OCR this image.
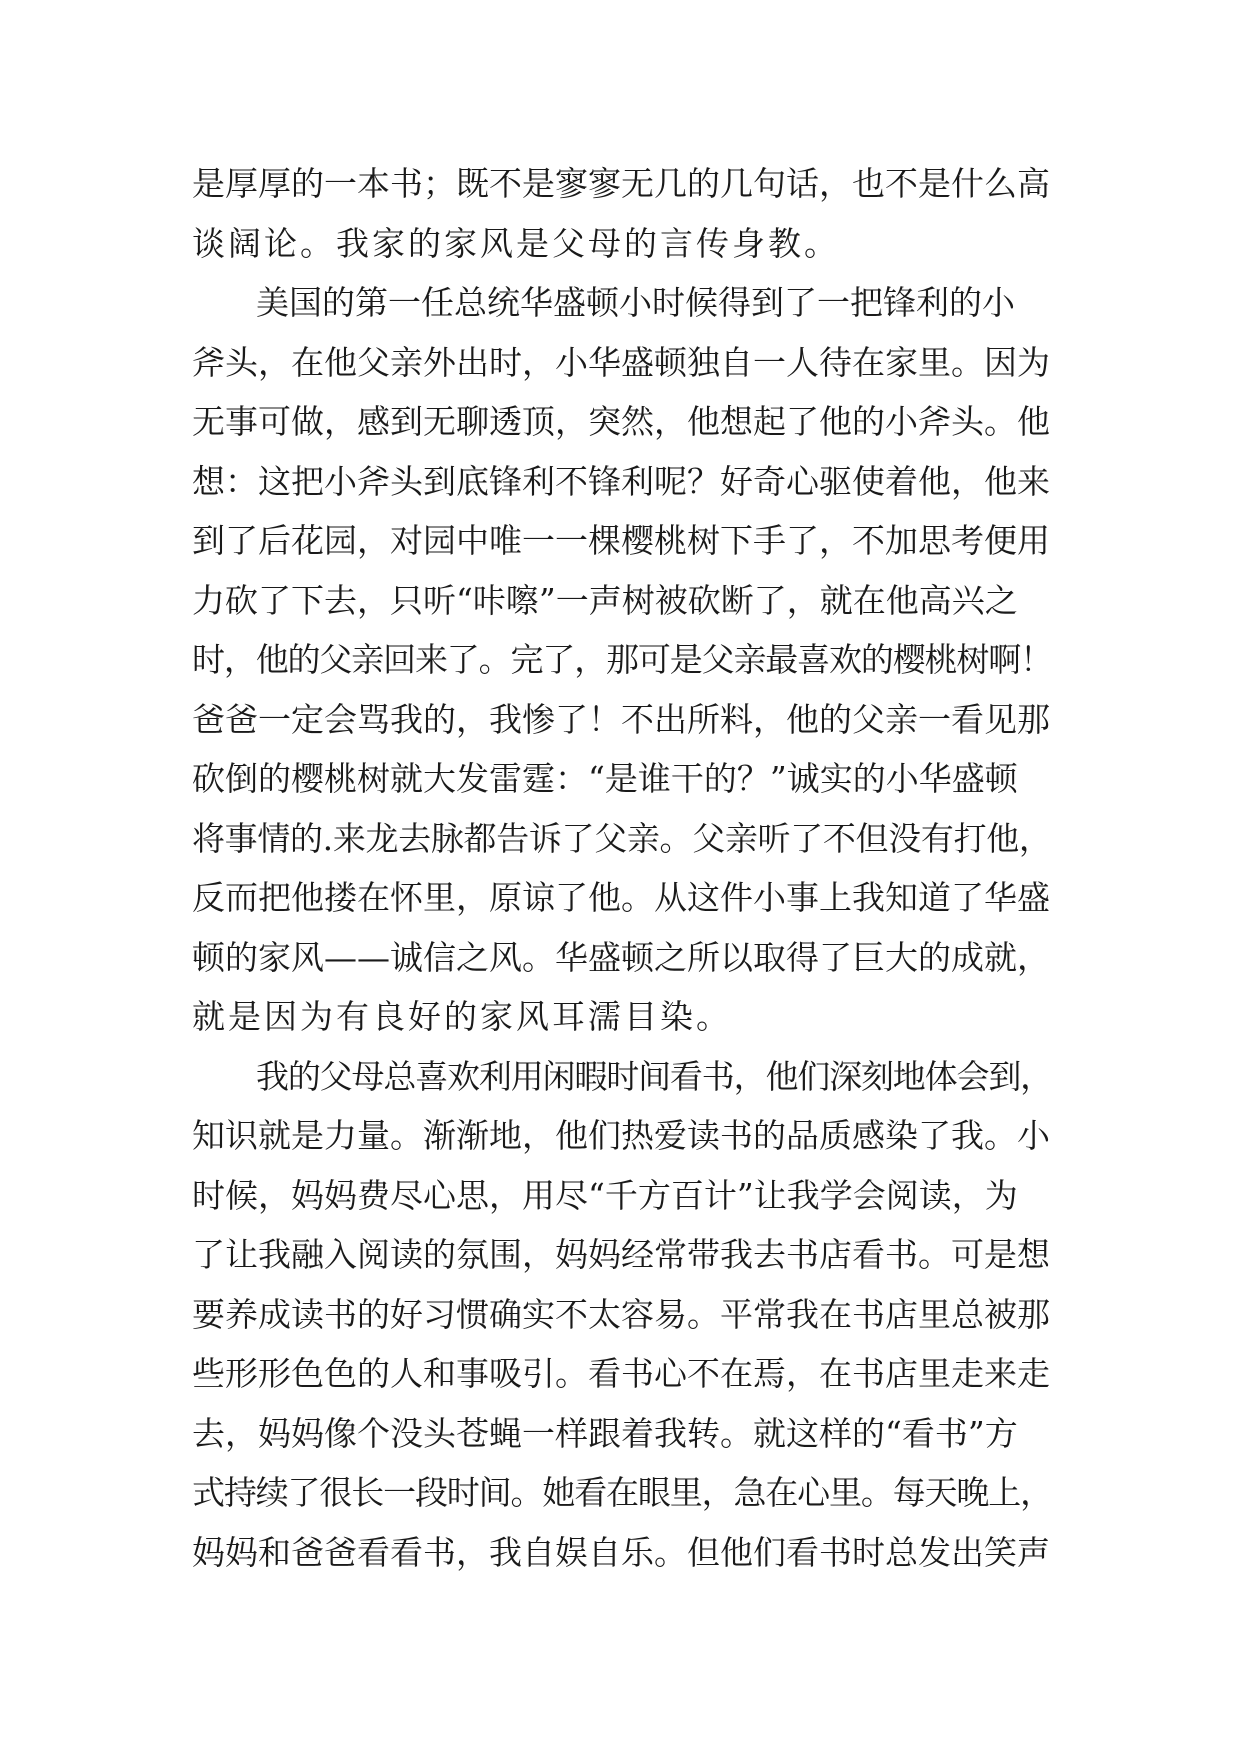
是厚厚的一本书；既不是寥寥无几的几句话，也不是什么高
谈阔论。我家的家风是父母的言传身教。
美国的第一任总统华盛顿小时候得到了一把锋利的小
斧头，在他父亲外出时，小华盛顿独自一人待在家里。因为
无事可做，感到无聊透顶，突然，他想起了他的小斧头。他
想：这把小斧头到底锋利不锋利呢？好奇心驱使着他，他来
到了后花园，对园中唯一一棵樱桃树下手了，不加思考便用
力砍了下去，只听“咔嚓”一声树被砍断了，就在他高兴之
时，他的父亲回来了。完了，那可是父亲最喜欢的樱桃树啊！
爸爸一定会骂我的，我惨了！不出所料，他的父亲一看见那
砍倒的樱桃树就大发雷霆：“是谁干的？”诚实的小华盛顿
将事情的.来龙去脉都告诉了父亲。父亲听了不但没有打他，
反而把他搂在怀里，原谅了他。从这件小事上我知道了华盛
顿的家风——诚信之风。华盛顿之所以取得了巨大的成就，
就是因为有良好的家风耳濡目染。
我的父母总喜欢利用闲暇时间看书，他们深刻地体会到，
知识就是力量。渐渐地，他们热爱读书的品质感染了我。小
时候，妈妈费尽心思，用尽“千方百计”让我学会阅读，为
了让我融入阅读的氛围，妈妈经常带我去书店看书。可是想
要养成读书的好习惯确实不太容易。平常我在书店里总被那
些形形色色的人和事吸引。看书心不在焉，在书店里走来走
去，妈妈像个没头苍蝇一样跟着我转。就这样的“看书”方
式持续了很长一段时间。她看在眼里，急在心里。每天晚上，
妈妈和爸爸看看书，我自娱自乐。但他们看书时总发出笑声
